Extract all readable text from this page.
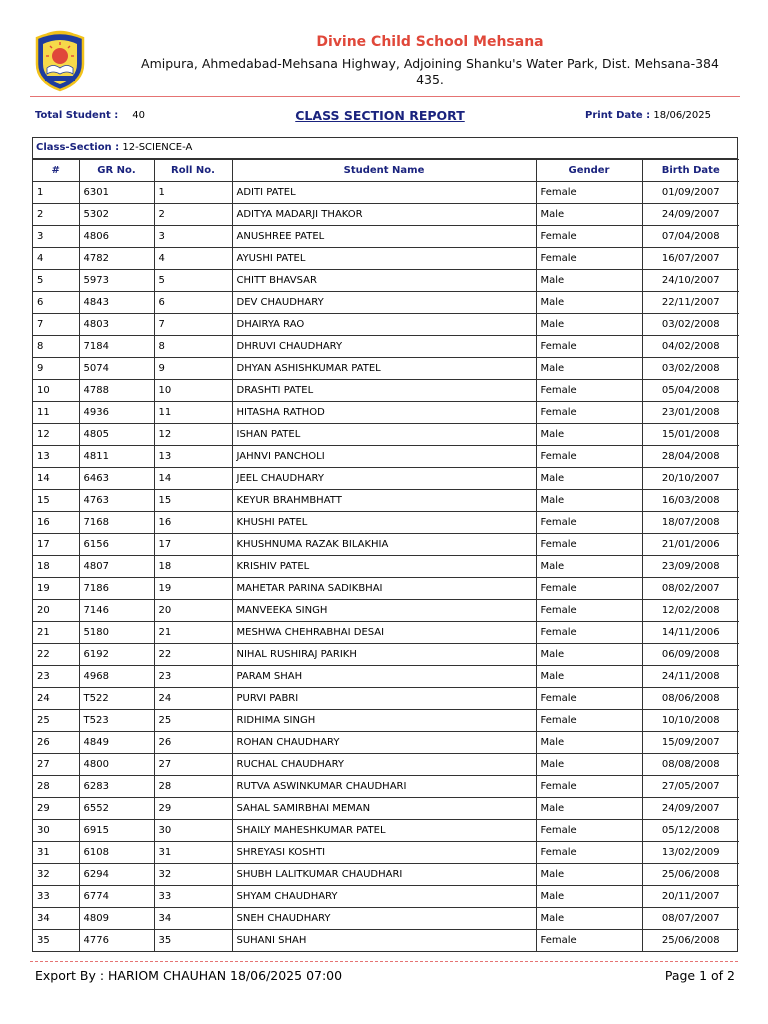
Divine Child School Mehsana
Amipura, Ahmedabad-Mehsana Highway, Adjoining Shanku's Water Park, Dist. Mehsana-384 435.
Total Student : 40	CLASS SECTION REPORT	Print Date : 18/06/2025
Class-Section : 12-SCIENCE-A
#	GR No.	Roll No.	Student Name	Gender	Birth Date
1	6301	1	ADITI PATEL	Female	01/09/2007
2	5302	2	ADITYA MADARJI THAKOR	Male	24/09/2007
3	4806	3	ANUSHREE PATEL	Female	07/04/2008
4	4782	4	AYUSHI PATEL	Female	16/07/2007
5	5973	5	CHITT BHAVSAR	Male	24/10/2007
6	4843	6	DEV CHAUDHARY	Male	22/11/2007
7	4803	7	DHAIRYA RAO	Male	03/02/2008
8	7184	8	DHRUVI CHAUDHARY	Female	04/02/2008
9	5074	9	DHYAN ASHISHKUMAR PATEL	Male	03/02/2008
10	4788	10	DRASHTI PATEL	Female	05/04/2008
11	4936	11	HITASHA RATHOD	Female	23/01/2008
12	4805	12	ISHAN PATEL	Male	15/01/2008
13	4811	13	JAHNVI PANCHOLI	Female	28/04/2008
14	6463	14	JEEL CHAUDHARY	Male	20/10/2007
15	4763	15	KEYUR BRAHMBHATT	Male	16/03/2008
16	7168	16	KHUSHI PATEL	Female	18/07/2008
17	6156	17	KHUSHNUMA RAZAK BILAKHIA	Female	21/01/2006
18	4807	18	KRISHIV PATEL	Male	23/09/2008
19	7186	19	MAHETAR PARINA SADIKBHAI	Female	08/02/2007
20	7146	20	MANVEEKA SINGH	Female	12/02/2008
21	5180	21	MESHWA CHEHRABHAI DESAI	Female	14/11/2006
22	6192	22	NIHAL RUSHIRAJ PARIKH	Male	06/09/2008
23	4968	23	PARAM SHAH	Male	24/11/2008
24	T522	24	PURVI PABRI	Female	08/06/2008
25	T523	25	RIDHIMA SINGH	Female	10/10/2008
26	4849	26	ROHAN CHAUDHARY	Male	15/09/2007
27	4800	27	RUCHAL CHAUDHARY	Male	08/08/2008
28	6283	28	RUTVA ASWINKUMAR CHAUDHARI	Female	27/05/2007
29	6552	29	SAHAL SAMIRBHAI MEMAN	Male	24/09/2007
30	6915	30	SHAILY MAHESHKUMAR PATEL	Female	05/12/2008
31	6108	31	SHREYASI KOSHTI	Female	13/02/2009
32	6294	32	SHUBH LALITKUMAR CHAUDHARI	Male	25/06/2008
33	6774	33	SHYAM CHAUDHARY	Male	20/11/2007
34	4809	34	SNEH CHAUDHARY	Male	08/07/2007
35	4776	35	SUHANI SHAH	Female	25/06/2008
Export By : HARIOM CHAUHAN 18/06/2025 07:00	Page 1 of 2
